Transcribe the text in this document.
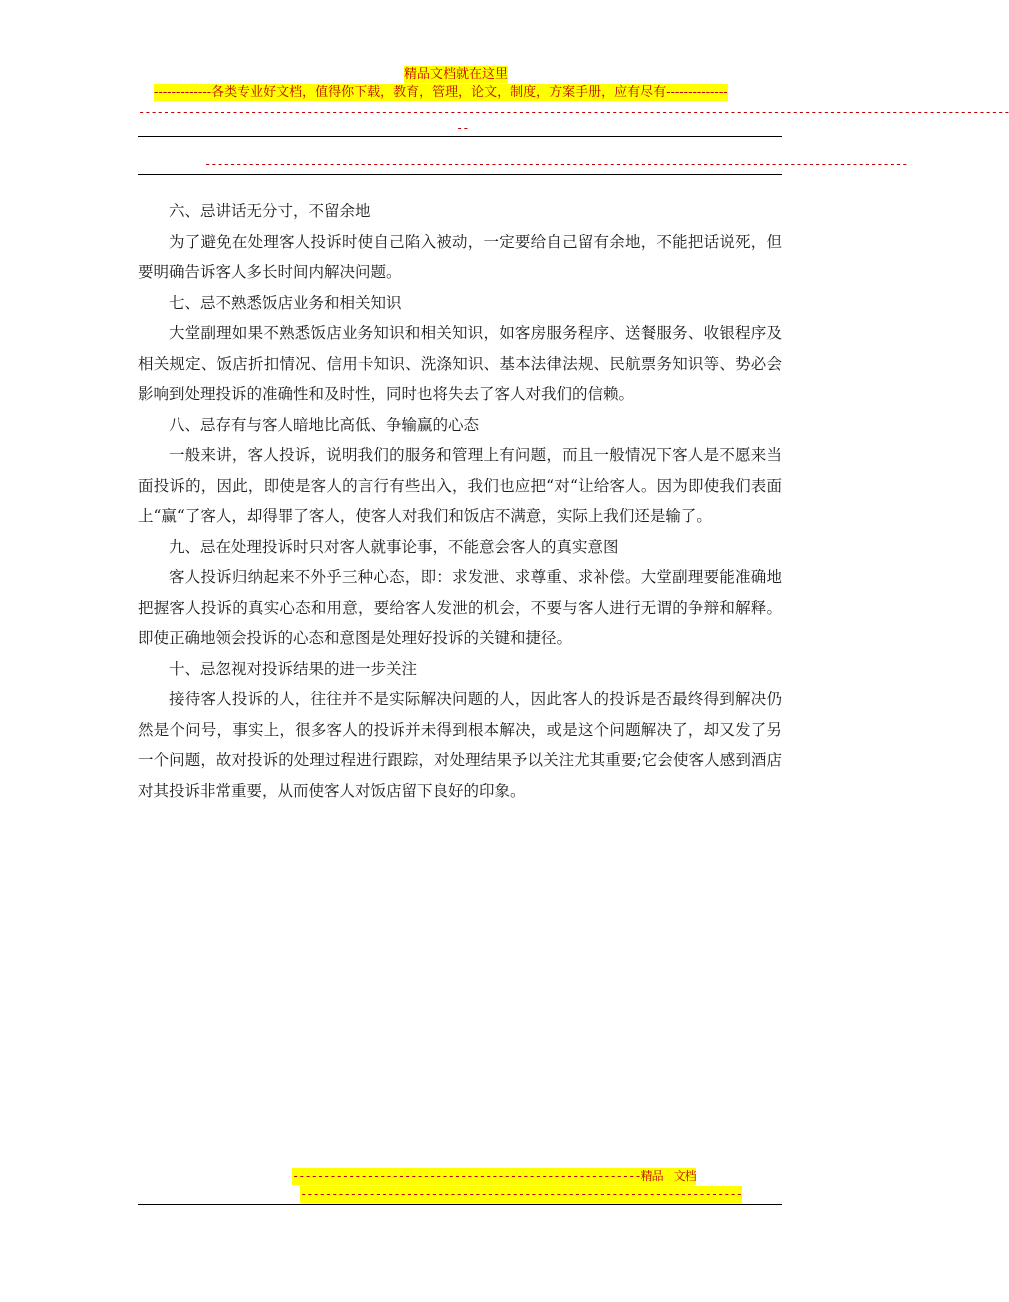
精品文档就在这里
-------------各类专业好文档，值得你下载，教育，管理，论文，制度，方案手册，应有尽有--------------
--------------------------------------------------------------------------------------------------------------------------------------------
--
-----------------------------------------------------------------------------------------------------------------

六、忌讲话无分寸，不留余地

为了避免在处理客人投诉时使自己陷入被动，一定要给自己留有余地，不能把话说死，但要明确告诉客人多长时间内解决问题。

七、忌不熟悉饭店业务和相关知识

大堂副理如果不熟悉饭店业务知识和相关知识，如客房服务程序、送餐服务、收银程序及相关规定、饭店折扣情况、信用卡知识、洗涤知识、基本法律法规、民航票务知识等、势必会影响到处理投诉的准确性和及时性，同时也将失去了客人对我们的信赖。

八、忌存有与客人暗地比高低、争输赢的心态

一般来讲，客人投诉，说明我们的服务和管理上有问题，而且一般情况下客人是不愿来当面投诉的，因此，即使是客人的言行有些出入，我们也应把“对“让给客人。因为即使我们表面上“赢“了客人，却得罪了客人，使客人对我们和饭店不满意，实际上我们还是输了。

九、忌在处理投诉时只对客人就事论事，不能意会客人的真实意图

客人投诉归纳起来不外乎三种心态，即：求发泄、求尊重、求补偿。大堂副理要能准确地把握客人投诉的真实心态和用意，要给客人发泄的机会，不要与客人进行无谓的争辩和解释。即使正确地领会投诉的心态和意图是处理好投诉的关键和捷径。

十、忌忽视对投诉结果的进一步关注

接待客人投诉的人，往往并不是实际解决问题的人，因此客人的投诉是否最终得到解决仍然是个问号，事实上，很多客人的投诉并未得到根本解决，或是这个问题解决了，却又发了另一个问题，故对投诉的处理过程进行跟踪，对处理结果予以关注尤其重要;它会使客人感到酒店对其投诉非常重要，从而使客人对饭店留下良好的印象。

--------------------------------------------------------精品　文档
-----------------------------------------------------------------------
